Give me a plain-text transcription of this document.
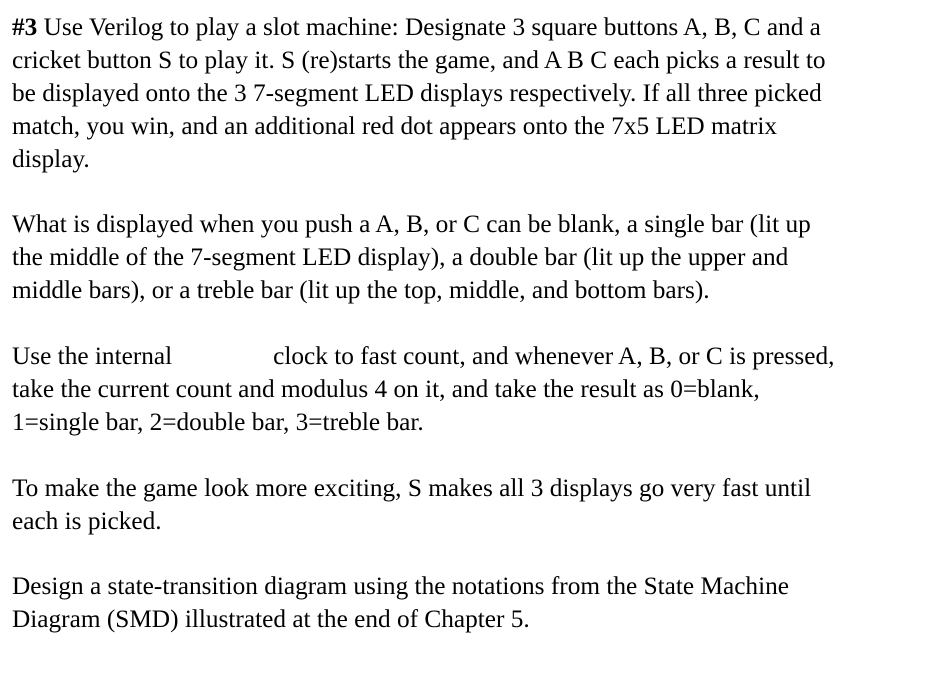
#3 Use Verilog to play a slot machine: Designate 3 square buttons A, B, C and a
cricket button S to play it. S (re)starts the game, and A B C each picks a result to
be displayed onto the 3 7-segment LED displays respectively. If all three picked
match, you win, and an additional red dot appears onto the 7x5 LED matrix
display.
What is displayed when you push a A, B, or C can be blank, a single bar (lit up
the middle of the 7-segment LED display), a double bar (lit up the upper and
middle bars), or a treble bar (lit up the top, middle, and bottom bars).
Use the internal	clock to fast count, and whenever A, B, or C is pressed,
take the current count and modulus 4 on it, and take the result as 0=blank,
1=single bar, 2=double bar, 3=treble bar.
To make the game look more exciting, S makes all 3 displays go very fast until
each is picked.
Design a state-transition diagram using the notations from the State Machine
Diagram (SMD) illustrated at the end of Chapter 5.
